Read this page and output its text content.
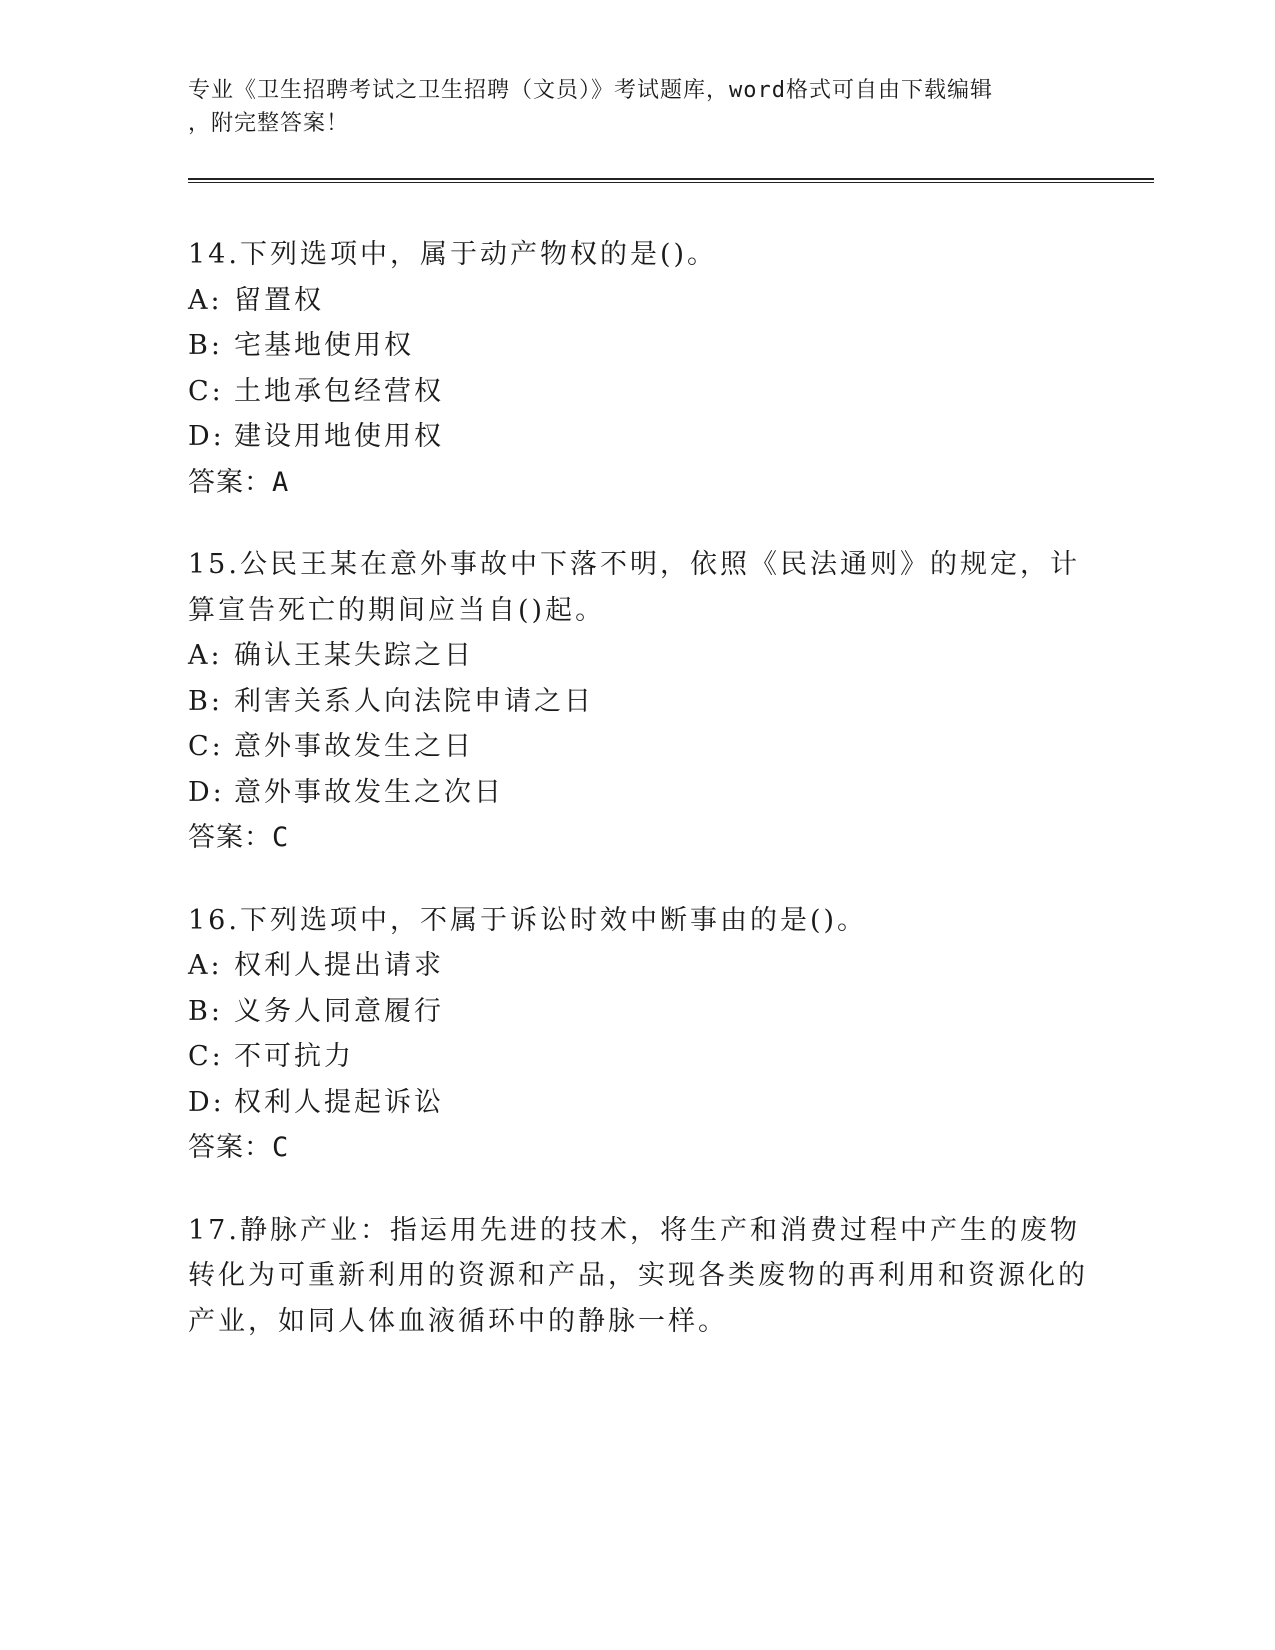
专业《卫生招聘考试之卫生招聘（文员）》考试题库，word格式可自由下载编辑
，附完整答案！
14.下列选项中，属于动产物权的是()。
A: 留置权
B: 宅基地使用权
C: 土地承包经营权
D: 建设用地使用权
答案：A
15.公民王某在意外事故中下落不明，依照《民法通则》的规定，计算宣告死亡的期间应当自()起。
A: 确认王某失踪之日
B: 利害关系人向法院申请之日
C: 意外事故发生之日
D: 意外事故发生之次日
答案：C
16.下列选项中，不属于诉讼时效中断事由的是()。
A: 权利人提出请求
B: 义务人同意履行
C: 不可抗力
D: 权利人提起诉讼
答案：C
17.静脉产业：指运用先进的技术，将生产和消费过程中产生的废物转化为可重新利用的资源和产品，实现各类废物的再利用和资源化的产业，如同人体血液循环中的静脉一样。
